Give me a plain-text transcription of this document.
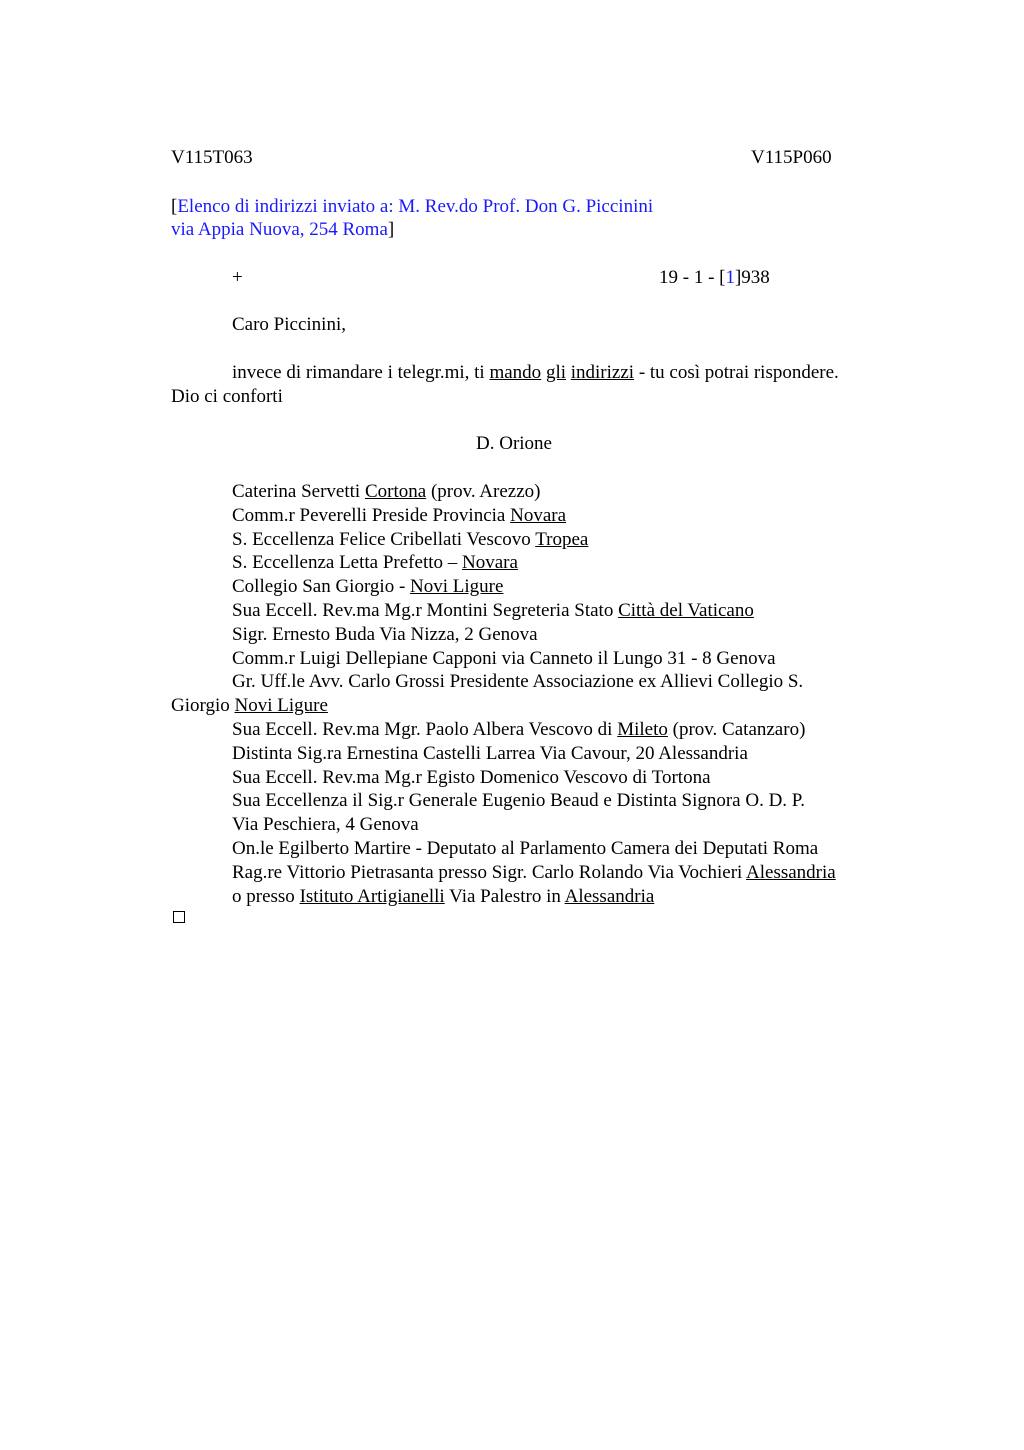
V115T063	V115P060
[Elenco di indirizzi inviato a: M. Rev.do Prof. Don G. Piccinini
via Appia Nuova, 254 Roma]
+	19 - 1 - [1]938
Caro Piccinini,
invece di rimandare i telegr.mi, ti mando gli indirizzi - tu così potrai rispondere.
Dio ci conforti
D. Orione
Caterina Servetti Cortona (prov. Arezzo)
Comm.r Peverelli Preside Provincia Novara
S. Eccellenza Felice Cribellati Vescovo Tropea
S. Eccellenza Letta Prefetto – Novara
Collegio San Giorgio - Novi Ligure
Sua Eccell. Rev.ma Mg.r Montini Segreteria Stato Città del Vaticano
Sigr. Ernesto Buda Via Nizza, 2 Genova
Comm.r Luigi Dellepiane Capponi via Canneto il Lungo 31 - 8 Genova
Gr. Uff.le Avv. Carlo Grossi Presidente Associazione ex Allievi Collegio S.
Giorgio Novi Ligure
Sua Eccell. Rev.ma Mgr. Paolo Albera Vescovo di Mileto (prov. Catanzaro)
Distinta Sig.ra Ernestina Castelli Larrea Via Cavour, 20 Alessandria
Sua Eccell. Rev.ma Mg.r Egisto Domenico Vescovo di Tortona
Sua Eccellenza il Sig.r Generale Eugenio Beaud e Distinta Signora O. D. P.
Via Peschiera, 4 Genova
On.le Egilberto Martire - Deputato al Parlamento Camera dei Deputati Roma
Rag.re Vittorio Pietrasanta presso Sigr. Carlo Rolando Via Vochieri Alessandria
o presso Istituto Artigianelli Via Palestro in Alessandria
